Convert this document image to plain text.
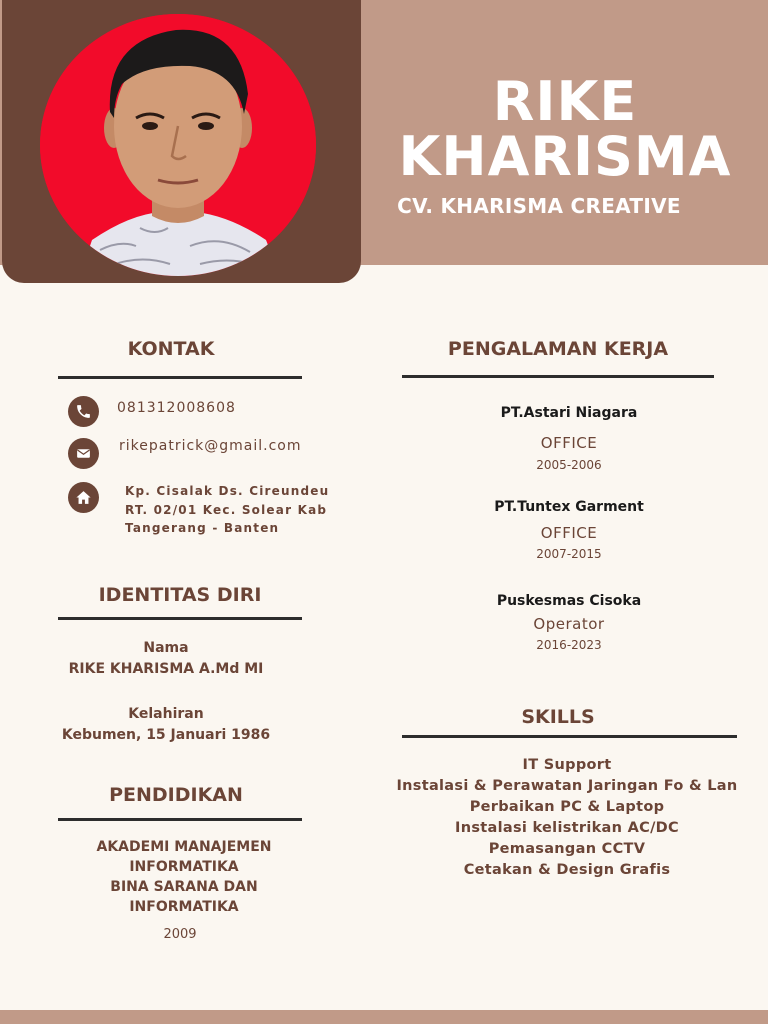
RIKE
KHARISMA
CV. KHARISMA CREATIVE
KONTAK
081312008608
rikepatrick@gmail.com
Kp. Cisalak Ds. Cireundeu
RT. 02/01 Kec. Solear Kab
Tangerang - Banten
IDENTITAS DIRI
Nama
RIKE KHARISMA A.Md MI
Kelahiran
Kebumen, 15 Januari 1986
PENDIDIKAN
AKADEMI MANAJEMEN
INFORMATIKA
BINA SARANA DAN
INFORMATIKA
2009
PENGALAMAN KERJA
PT.Astari Niagara
OFFICE
2005-2006
PT.Tuntex Garment
OFFICE
2007-2015
Puskesmas Cisoka
Operator
2016-2023
SKILLS
IT Support
Instalasi & Perawatan Jaringan Fo & Lan
Perbaikan PC & Laptop
Instalasi kelistrikan AC/DC
Pemasangan CCTV
Cetakan & Design Grafis
